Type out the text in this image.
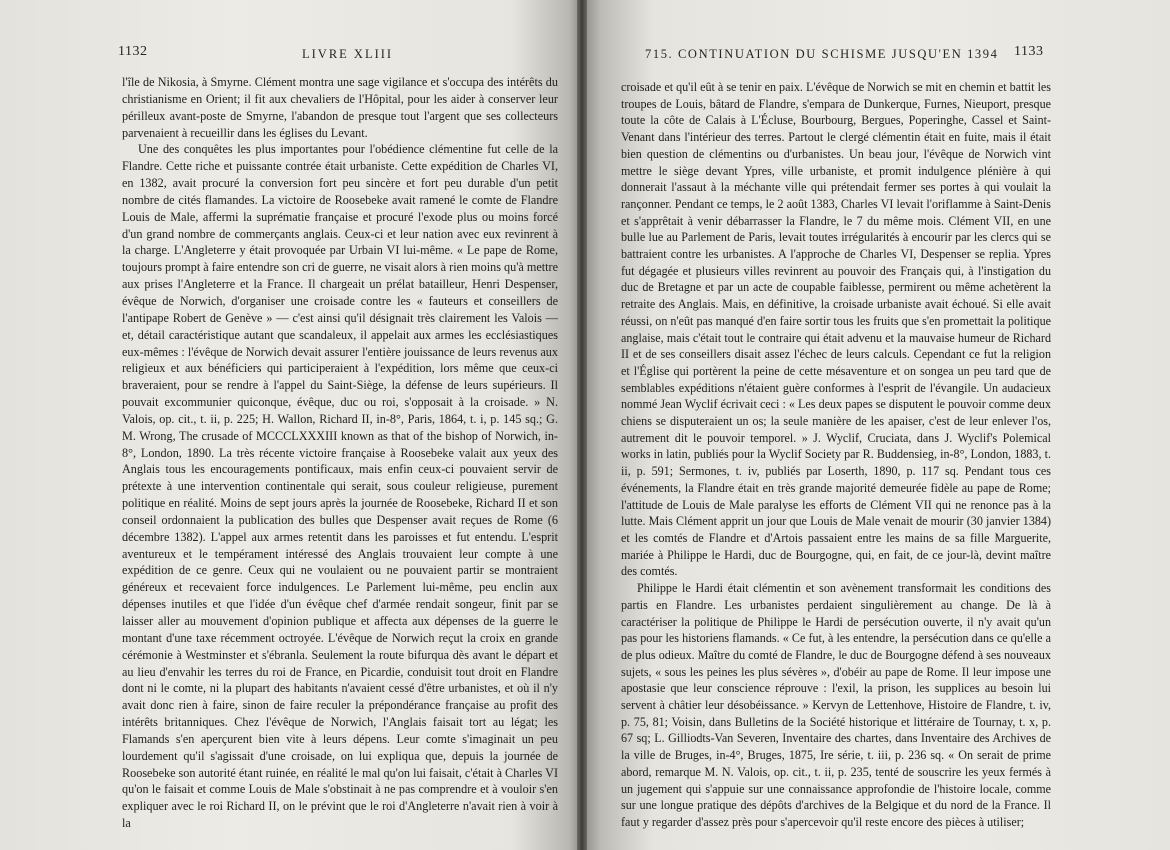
1132	LIVRE XLIII

l'île de Nikosia, à Smyrne. Clément montra une sage vigilance et s'occupa des intérêts du christianisme en Orient; il fit aux chevaliers de l'Hôpital, pour les aider à conserver leur périlleux avant-poste de Smyrne, l'abandon de presque tout l'argent que ses collecteurs parvenaient à recueillir dans les églises du Levant.

Une des conquêtes les plus importantes pour l'obédience clémentine fut celle de la Flandre. Cette riche et puissante contrée était urbaniste. Cette expédition de Charles VI, en 1382, avait procuré la conversion fort peu sincère et fort peu durable d'un petit nombre de cités flamandes. La victoire de Roosebeke avait ramené le comte de Flandre Louis de Male, affermi la suprématie française et procuré l'exode plus ou moins forcé d'un grand nombre de commerçants anglais. Ceux-ci et leur nation avec eux revinrent à la charge. L'Angleterre y était provoquée par Urbain VI lui-même. « Le pape de Rome, toujours prompt à faire entendre son cri de guerre, ne visait alors à rien moins qu'à mettre aux prises l'Angleterre et la France. Il chargeait un prélat batailleur, Henri Despenser, évêque de Norwich, d'organiser une croisade contre les « fauteurs et conseillers de l'antipape Robert de Genève » — c'est ainsi qu'il désignait très clairement les Valois — et, détail caractéristique autant que scandaleux, il appelait aux armes les ecclésiastiques eux-mêmes : l'évêque de Norwich devait assurer l'entière jouissance de leurs revenus aux religieux et aux bénéficiers qui participeraient à l'expédition, lors même que ceux-ci braveraient, pour se rendre à l'appel du Saint-Siège, la défense de leurs supérieurs. Il pouvait excommunier quiconque, évêque, duc ou roi, s'opposait à la croisade. » N. Valois, op. cit., t. ii, p. 225; H. Wallon, Richard II, in-8°, Paris, 1864, t. i, p. 145 sq.; G. M. Wrong, The crusade of MCCCLXXXIII known as that of the bishop of Norwich, in-8°, London, 1890. La très récente victoire française à Roosebeke valait aux yeux des Anglais tous les encouragements pontificaux, mais enfin ceux-ci pouvaient servir de prétexte à une intervention continentale qui serait, sous couleur religieuse, purement politique en réalité. Moins de sept jours après la journée de Roosebeke, Richard II et son conseil ordonnaient la publication des bulles que Despenser avait reçues de Rome (6 décembre 1382). L'appel aux armes retentit dans les paroisses et fut entendu. L'esprit aventureux et le tempérament intéressé des Anglais trouvaient leur compte à une expédition de ce genre. Ceux qui ne voulaient ou ne pouvaient partir se montraient généreux et recevaient force indulgences. Le Parlement lui-même, peu enclin aux dépenses inutiles et que l'idée d'un évêque chef d'armée rendait songeur, finit par se laisser aller au mouvement d'opinion publique et affecta aux dépenses de la guerre le montant d'une taxe récemment octroyée. L'évêque de Norwich reçut la croix en grande cérémonie à Westminster et s'ébranla. Seulement la route bifurqua dès avant le départ et au lieu d'envahir les terres du roi de France, en Picardie, conduisit tout droit en Flandre dont ni le comte, ni la plupart des habitants n'avaient cessé d'être urbanistes, et où il n'y avait donc rien à faire, sinon de faire reculer la prépondérance française au profit des intérêts britanniques. Chez l'évêque de Norwich, l'Anglais faisait tort au légat; les Flamands s'en aperçurent bien vite à leurs dépens. Leur comte s'imaginait un peu lourdement qu'il s'agissait d'une croisade, on lui expliqua que, depuis la journée de Roosebeke son autorité étant ruinée, en réalité le mal qu'on lui faisait, c'était à Charles VI qu'on le faisait et comme Louis de Male s'obstinait à ne pas comprendre et à vouloir s'en expliquer avec le roi Richard II, on le prévint que le roi d'Angleterre n'avait rien à voir à la

715. CONTINUATION DU SCHISME JUSQU'EN 1394 1133

croisade et qu'il eût à se tenir en paix. L'évêque de Norwich se mit en chemin et battit les troupes de Louis, bâtard de Flandre, s'empara de Dunkerque, Furnes, Nieuport, presque toute la côte de Calais à L'Écluse, Bourbourg, Bergues, Poperinghe, Cassel et Saint-Venant dans l'intérieur des terres. Partout le clergé clémentin était en fuite, mais il était bien question de clémentins ou d'urbanistes. Un beau jour, l'évêque de Norwich vint mettre le siège devant Ypres, ville urbaniste, et promit indulgence plénière à qui donnerait l'assaut à la méchante ville qui prétendait fermer ses portes à qui voulait la rançonner. Pendant ce temps, le 2 août 1383, Charles VI levait l'oriflamme à Saint-Denis et s'apprêtait à venir débarrasser la Flandre, le 7 du même mois. Clément VII, en une bulle lue au Parlement de Paris, levait toutes irrégularités à encourir par les clercs qui se battraient contre les urbanistes. A l'approche de Charles VI, Despenser se replia. Ypres fut dégagée et plusieurs villes revinrent au pouvoir des Français qui, à l'instigation du duc de Bretagne et par un acte de coupable faiblesse, permirent ou même achetèrent la retraite des Anglais. Mais, en définitive, la croisade urbaniste avait échoué. Si elle avait réussi, on n'eût pas manqué d'en faire sortir tous les fruits que s'en promettait la politique anglaise, mais c'était tout le contraire qui était advenu et la mauvaise humeur de Richard II et de ses conseillers disait assez l'échec de leurs calculs. Cependant ce fut la religion et l'Église qui portèrent la peine de cette mésaventure et on songea un peu tard que de semblables expéditions n'étaient guère conformes à l'esprit de l'évangile. Un audacieux nommé Jean Wyclif écrivait ceci : « Les deux papes se disputent le pouvoir comme deux chiens se disputeraient un os; la seule manière de les apaiser, c'est de leur enlever l'os, autrement dit le pouvoir temporel. » J. Wyclif, Cruciata, dans J. Wyclif's Polemical works in latin, publiés pour la Wyclif Society par R. Buddensieg, in-8°, London, 1883, t. ii, p. 591; Sermones, t. iv, publiés par Loserth, 1890, p. 117 sq. Pendant tous ces événements, la Flandre était en très grande majorité demeurée fidèle au pape de Rome; l'attitude de Louis de Male paralyse les efforts de Clément VII qui ne renonce pas à la lutte. Mais Clément apprit un jour que Louis de Male venait de mourir (30 janvier 1384) et les comtés de Flandre et d'Artois passaient entre les mains de sa fille Marguerite, mariée à Philippe le Hardi, duc de Bourgogne, qui, en fait, de ce jour-là, devint maître des comtés.

Philippe le Hardi était clémentin et son avènement transformait les conditions des partis en Flandre. Les urbanistes perdaient singulièrement au change. De là à caractériser la politique de Philippe le Hardi de persécution ouverte, il n'y avait qu'un pas pour les historiens flamands. « Ce fut, à les entendre, la persécution dans ce qu'elle a de plus odieux. Maître du comté de Flandre, le duc de Bourgogne défend à ses nouveaux sujets, « sous les peines les plus sévères », d'obéir au pape de Rome. Il leur impose une apostasie que leur conscience réprouve : l'exil, la prison, les supplices au besoin lui servent à châtier leur désobéissance. » Kervyn de Lettenhove, Histoire de Flandre, t. iv, p. 75, 81; Voisin, dans Bulletins de la Société historique et littéraire de Tournay, t. x, p. 67 sq; L. Gilliodts-Van Severen, Inventaire des chartes, dans Inventaire des Archives de la ville de Bruges, in-4°, Bruges, 1875, Ire série, t. iii, p. 236 sq. « On serait de prime abord, remarque M. N. Valois, op. cit., t. ii, p. 235, tenté de souscrire les yeux fermés à un jugement qui s'appuie sur une connaissance approfondie de l'histoire locale, comme sur une longue pratique des dépôts d'archives de la Belgique et du nord de la France. Il faut y regarder d'assez près pour s'apercevoir qu'il reste encore des pièces à utiliser;
